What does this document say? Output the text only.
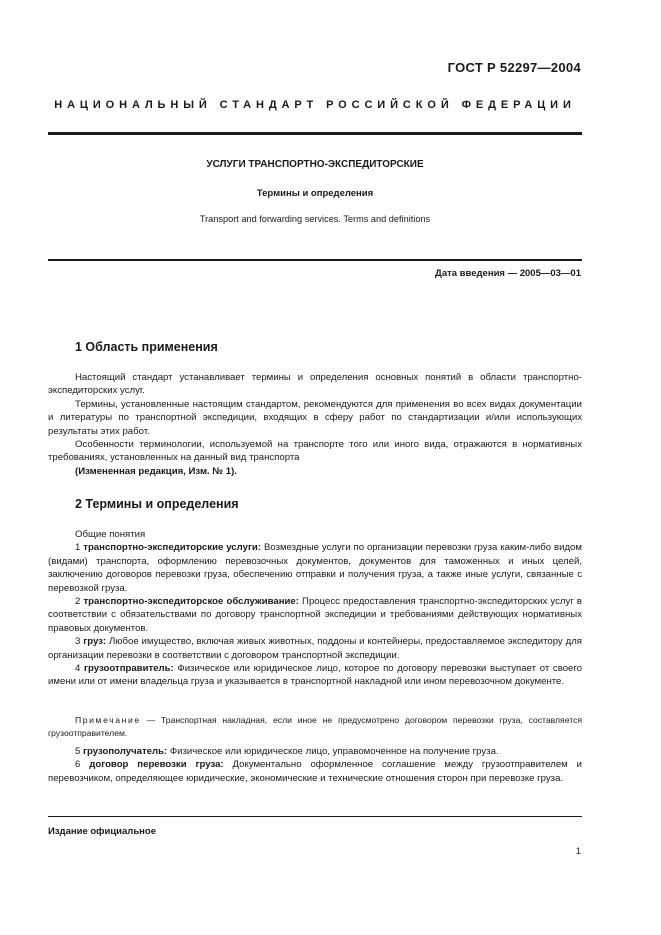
ГОСТ Р 52297—2004
НАЦИОНАЛЬНЫЙ СТАНДАРТ РОССИЙСКОЙ ФЕДЕРАЦИИ
УСЛУГИ ТРАНСПОРТНО-ЭКСПЕДИТОРСКИЕ
Термины и определения
Transport and forwarding services. Terms and definitions
Дата введения — 2005—03—01
1 Область применения

Настоящий стандарт устанавливает термины и определения основных понятий в области транспортно-экспедиторских услуг.

Термины, установленные настоящим стандартом, рекомендуются для применения во всех видах документации и литературы по транспортной экспедиции, входящих в сферу работ по стандартизации и/или использующих результаты этих работ.

Особенности терминологии, используемой на транспорте того или иного вида, отражаются в нормативных требованиях, установленных на данный вид транспорта

(Измененная редакция, Изм. № 1).

2 Термины и определения

Общие понятия

1 транспортно-экспедиторские услуги: Возмездные услуги по организации перевозки груза каким-либо видом (видами) транспорта, оформлению перевозочных документов, документов для таможенных и иных целей, заключению договоров перевозки груза, обеспечению отправки и получения груза, а также иные услуги, связанные с перевозкой груза.

2 транспортно-экспедиторское обслуживание: Процесс предоставления транспортно-экспедиторских услуг в соответствии с обязательствами по договору транспортной экспедиции и требованиями действующих нормативных правовых документов.

3 груз: Любое имущество, включая живых животных, поддоны и контейнеры, предоставляемое экспедитору для организации перевозки в соответствии с договором транспортной экспедиции.

4 грузоотправитель: Физическое или юридическое лицо, которое по договору перевозки выступает от своего имени или от имени владельца груза и указывается в транспортной накладной или ином перевозочном документе.

Примечание — Транспортная накладная, если иное не предусмотрено договором перевозки груза, составляется грузоотправителем.

5 грузополучатель: Физическое или юридическое лицо, управомоченное на получение груза.

6 договор перевозки груза: Документально оформленное соглашение между грузоотправителем и перевозчиком, определяющее юридические, экономические и технические отношения сторон при перевозке груза.

Издание официальное
1
